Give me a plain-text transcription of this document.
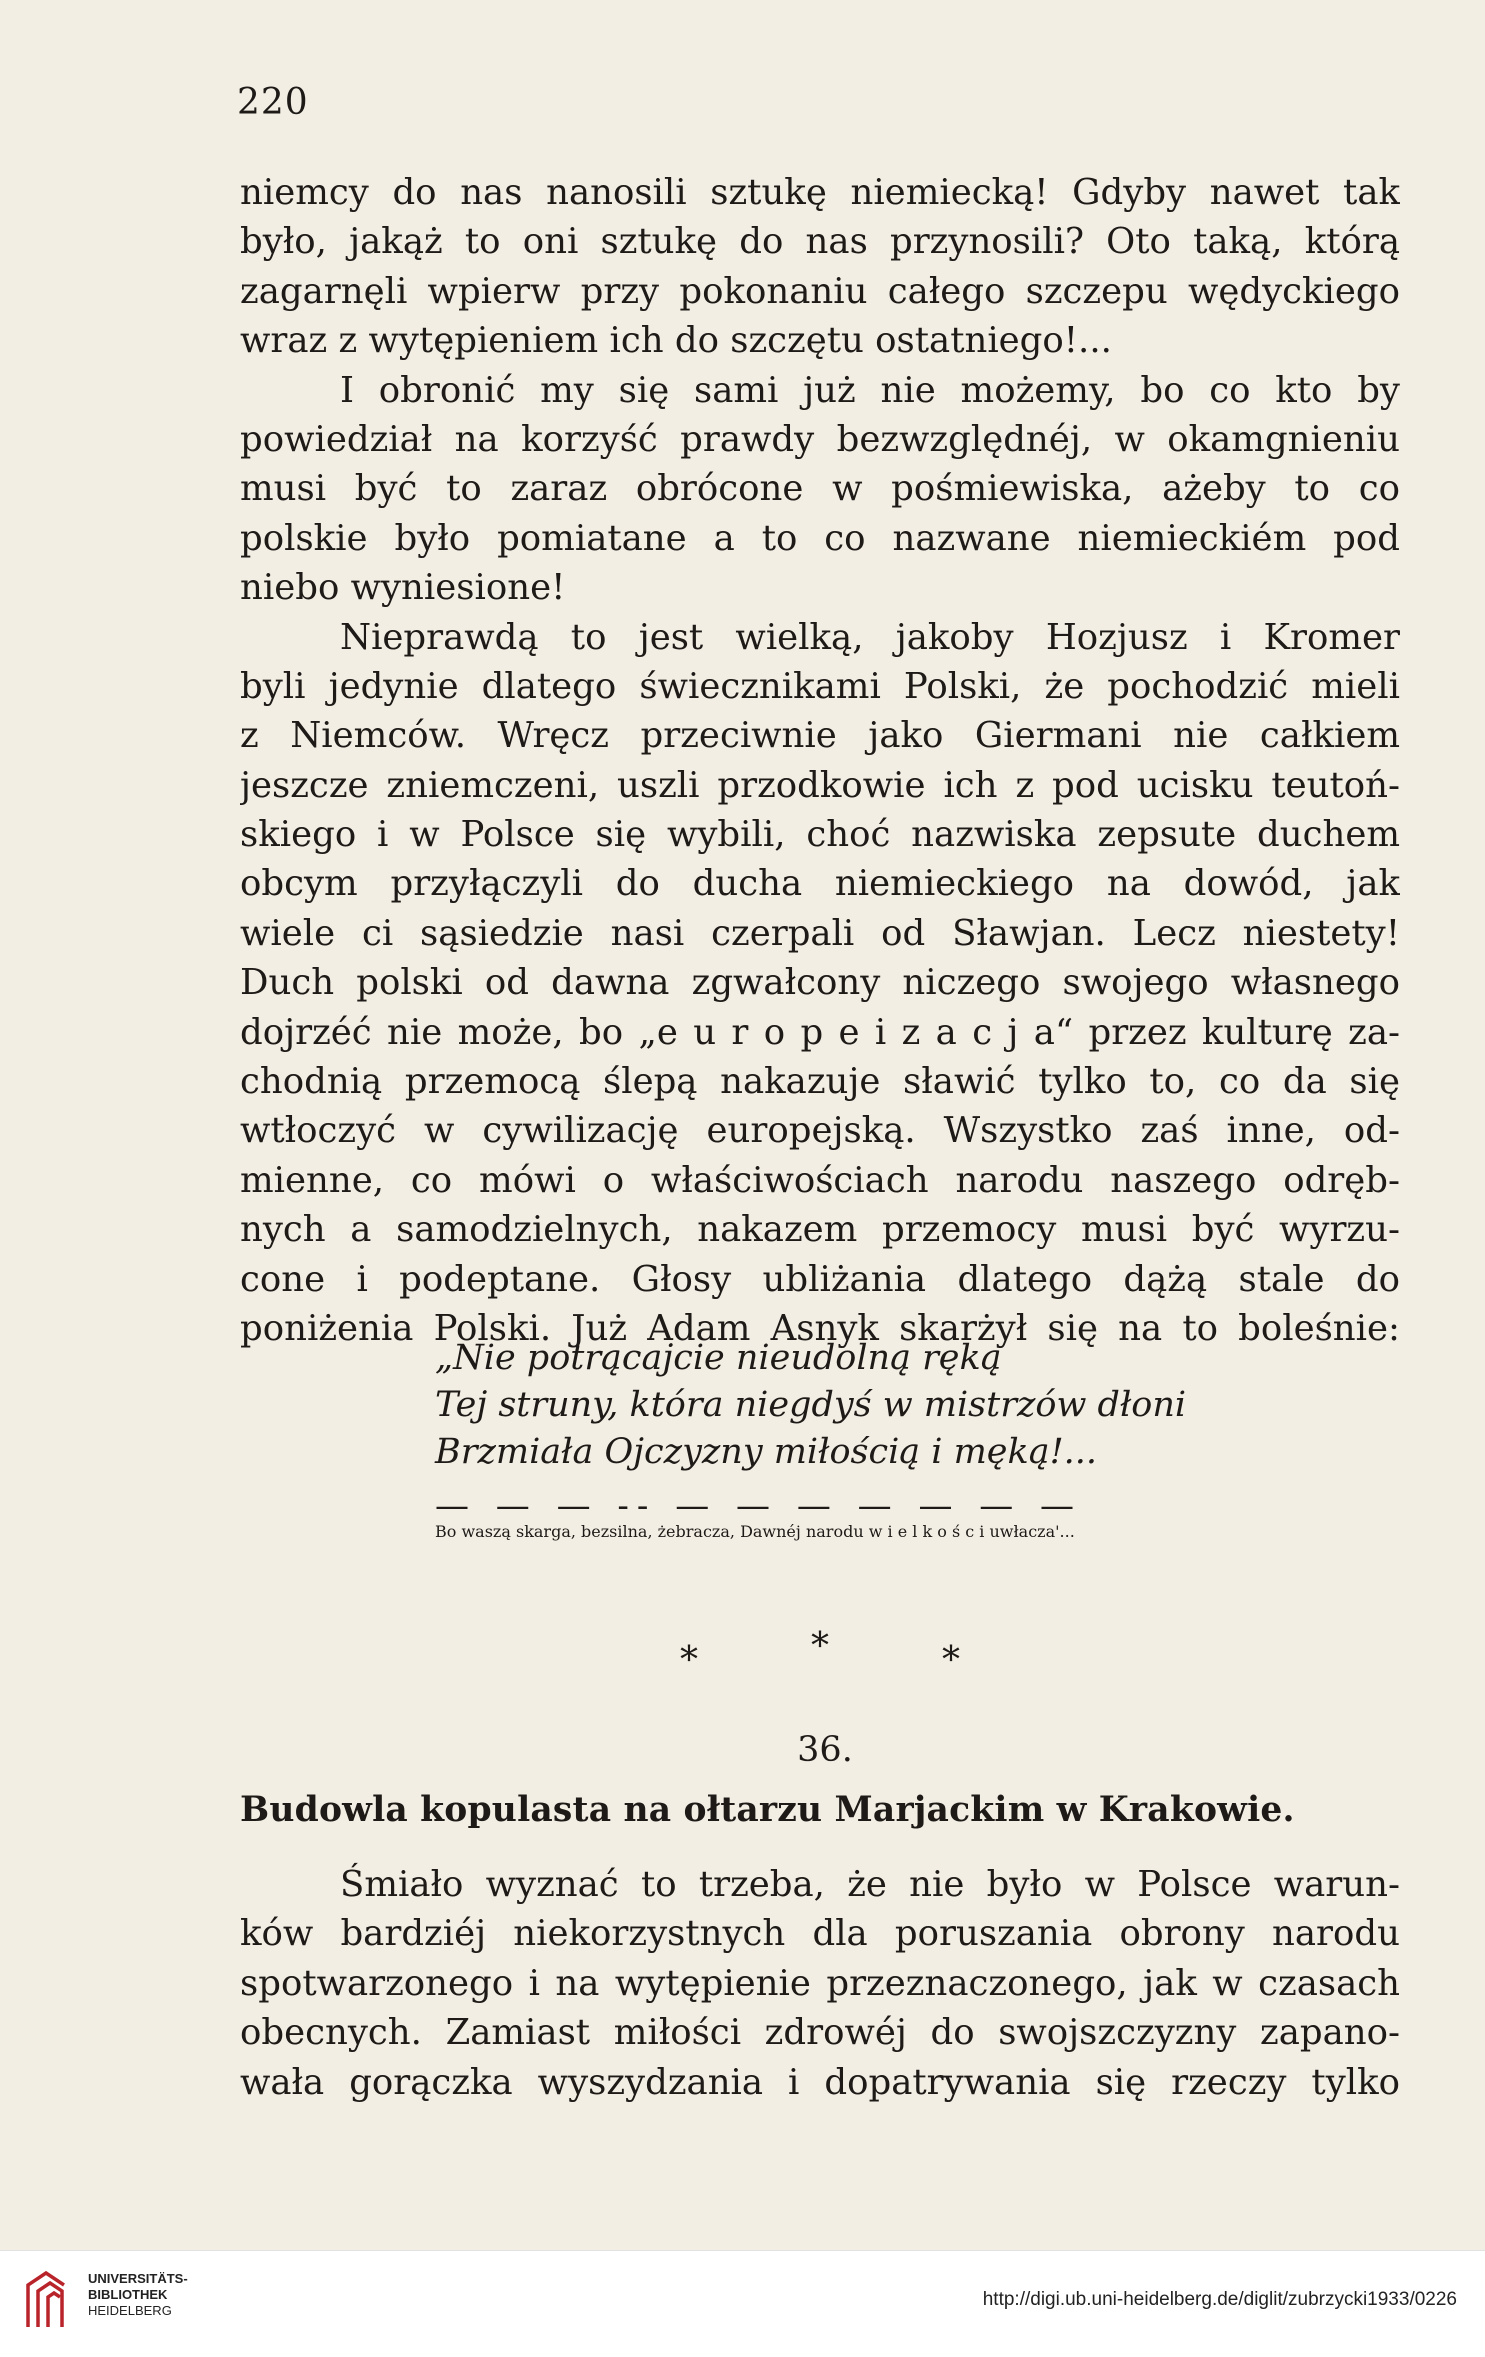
220
niemcy do nas nanosili sztukę niemiecką! Gdyby nawet tak
było, jakąż to oni sztukę do nas przynosili? Oto taką, którą
zagarnęli wpierw przy pokonaniu całego szczepu wędyckiego
wraz z wytępieniem ich do szczętu ostatniego!...
I obronić my się sami już nie możemy, bo co kto by
powiedział na korzyść prawdy bezwzględnéj, w okamgnieniu
musi być to zaraz obrócone w pośmiewiska, ażeby to co
polskie było pomiatane a to co nazwane niemieckiém pod
niebo wyniesione!
Nieprawdą to jest wielką, jakoby Hozjusz i Kromer
byli jedynie dlatego świecznikami Polski, że pochodzić mieli
z Niemców. Wręcz przeciwnie jako Giermani nie całkiem
jeszcze zniemczeni, uszli przodkowie ich z pod ucisku teutoń-
skiego i w Polsce się wybili, choć nazwiska zepsute duchem
obcym przyłączyli do ducha niemieckiego na dowód, jak
wiele ci sąsiedzie nasi czerpali od Sławjan. Lecz niestety!
Duch polski od dawna zgwałcony niczego swojego własnego
dojrzéć nie może, bo „e u r o p e i z a c j a“ przez kulturę za-
chodnią przemocą ślepą nakazuje sławić tylko to, co da się
wtłoczyć w cywilizację europejską. Wszystko zaś inne, od-
mienne, co mówi o właściwościach narodu naszego odręb-
nych a samodzielnych, nakazem przemocy musi być wyrzu-
cone i podeptane. Głosy ubliżania dlatego dążą stale do
poniżenia Polski. Już Adam Asnyk skarżył się na to boleśnie:
„Nie potrącajcie nieudolną ręką
Tej struny, która niegdyś w mistrzów dłoni
Brzmiała Ojczyzny miłością i męką!...
— — — -- — — — — — — —
Bo waszą skarga, bezsilna, żebracza, Dawnéj narodu w i e l k o ś c i uwłacza'...
*	*	*
36.
Budowla kopulasta na ołtarzu Marjackim w Krakowie.
Śmiało wyznać to trzeba, że nie było w Polsce warun-
ków bardziéj niekorzystnych dla poruszania obrony narodu
spotwarzonego i na wytępienie przeznaczonego, jak w czasach
obecnych. Zamiast miłości zdrowéj do swojszczyzny zapano-
wała gorączka wyszydzania i dopatrywania się rzeczy tylko
UNIVERSITÄTS-
BIBLIOTHEK
HEIDELBERG
http://digi.ub.uni-heidelberg.de/diglit/zubrzycki1933/0226
